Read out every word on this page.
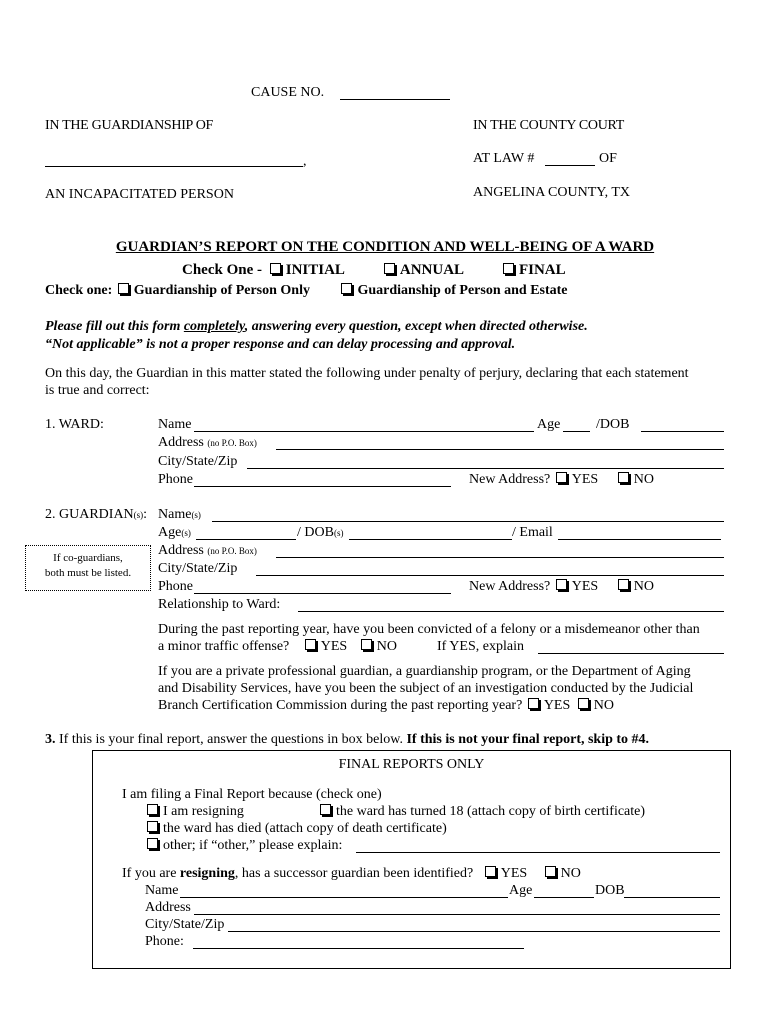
CAUSE NO.
IN THE GUARDIANSHIP OF
,
AN INCAPACITATED PERSON
IN THE COUNTY COURT
AT LAW #	OF
ANGELINA COUNTY, TX
GUARDIAN’S REPORT ON THE CONDITION AND WELL-BEING OF A WARD
Check One - INITIAL	ANNUAL	FINAL
Check one: Guardianship of Person Only	Guardianship of Person and Estate
Please fill out this form completely, answering every question, except when directed otherwise.
“Not applicable” is not a proper response and can delay processing and approval.
On this day, the Guardian in this matter stated the following under penalty of perjury, declaring that each statement
is true and correct:
1. WARD:	Name	Age	/DOB
Address (no P.O. Box)
City/State/Zip
Phone	New Address? YES	NO
2. GUARDIAN(s): Name(s)
Age(s)	/ DOB(s)	/ Email
If co-guardians,
both must be listed.
Address (no P.O. Box)
City/State/Zip
Phone	New Address? YES	NO
Relationship to Ward:
During the past reporting year, have you been convicted of a felony or a misdemeanor other than
a minor traffic offense? YES NO	If YES, explain
If you are a private professional guardian, a guardianship program, or the Department of Aging
and Disability Services, have you been the subject of an investigation conducted by the Judicial
Branch Certification Commission during the past reporting year? YES NO
3. If this is your final report, answer the questions in box below. If this is not your final report, skip to #4.
FINAL REPORTS ONLY
I am filing a Final Report because (check one)
I am resigning	the ward has turned 18 (attach copy of birth certificate)
the ward has died (attach copy of death certificate)
other; if “other,” please explain:
If you are resigning, has a successor guardian been identified? YES NO
Name	Age	DOB
Address
City/State/Zip
Phone:
